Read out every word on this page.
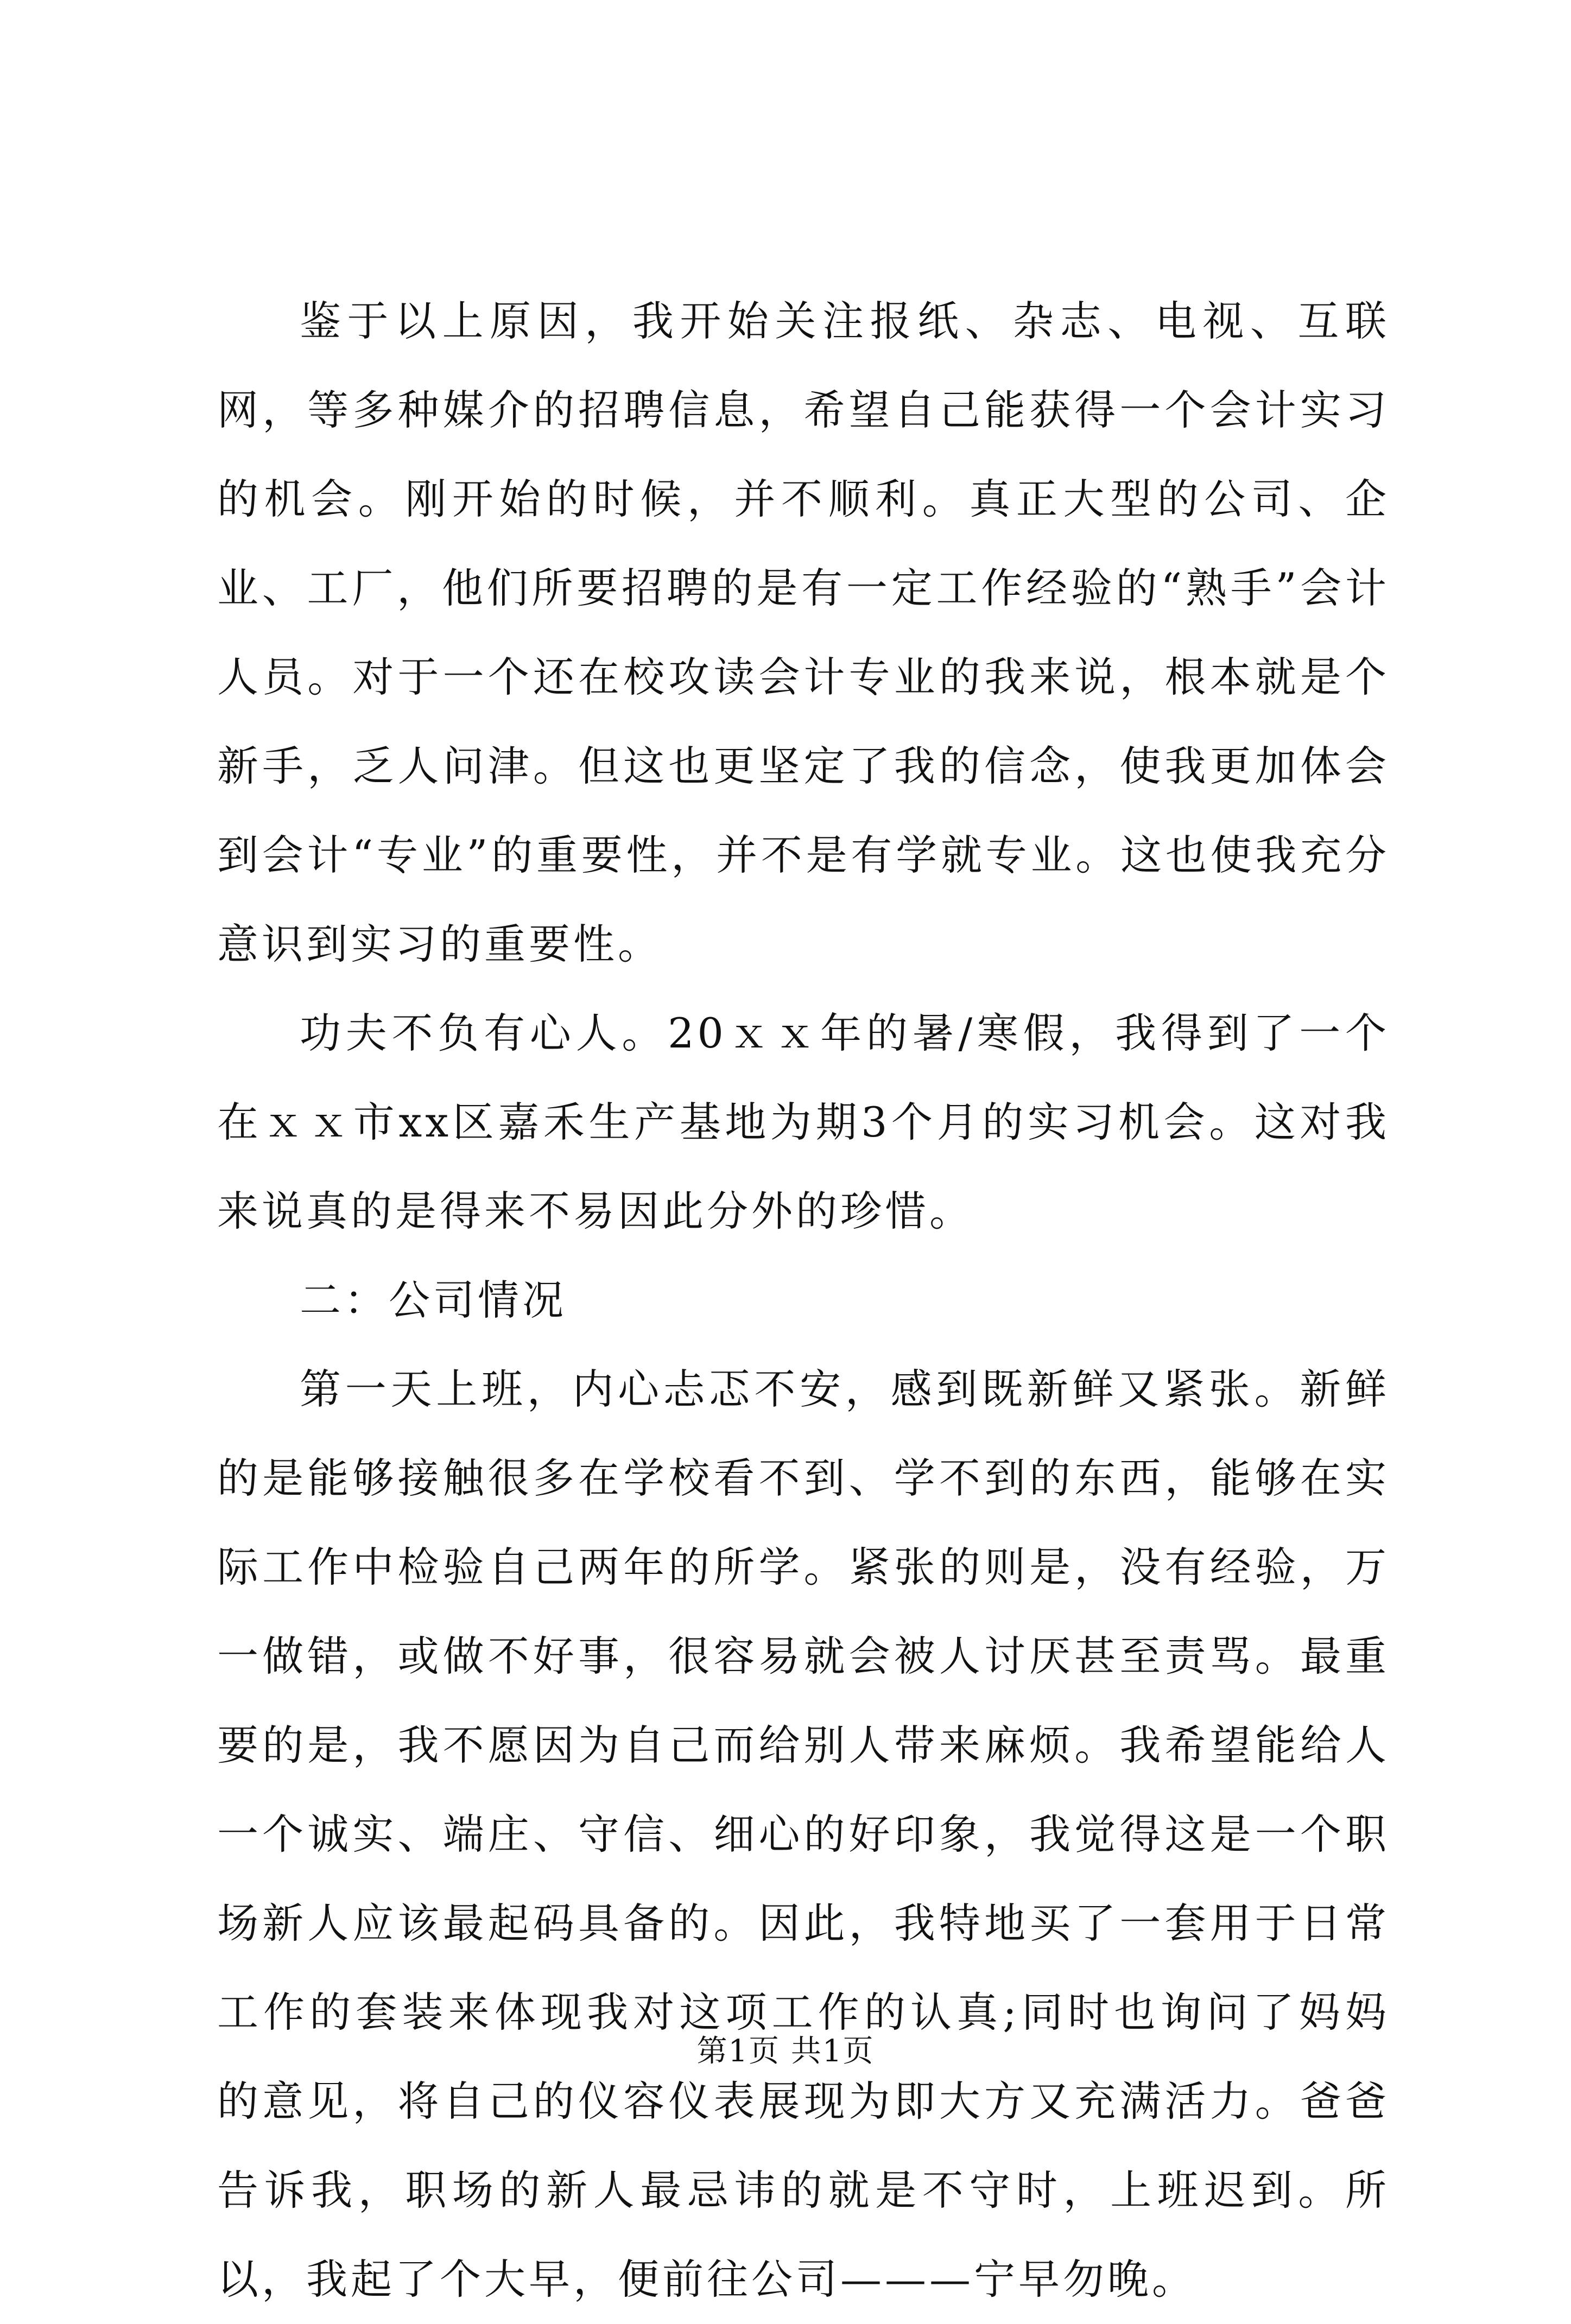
鉴于以上原因，我开始关注报纸、杂志、电视、互联网，等多种媒介的招聘信息，希望自己能获得一个会计实习的机会。刚开始的时候，并不顺利。真正大型的公司、企业、工厂，他们所要招聘的是有一定工作经验的“熟手”会计人员。对于一个还在校攻读会计专业的我来说，根本就是个新手，乏人问津。但这也更坚定了我的信念，使我更加体会到会计“专业”的重要性，并不是有学就专业。这也使我充分意识到实习的重要性。

功夫不负有心人。20ｘｘ年的暑/寒假，我得到了一个在ｘｘ市xx区嘉禾生产基地为期3个月的实习机会。这对我来说真的是得来不易因此分外的珍惜。

二：公司情况

第一天上班，内心忐忑不安，感到既新鲜又紧张。新鲜的是能够接触很多在学校看不到、学不到的东西，能够在实际工作中检验自己两年的所学。紧张的则是，没有经验，万一做错，或做不好事，很容易就会被人讨厌甚至责骂。最重要的是，我不愿因为自己而给别人带来麻烦。我希望能给人一个诚实、端庄、守信、细心的好印象，我觉得这是一个职场新人应该最起码具备的。因此，我特地买了一套用于日常工作的套装来体现我对这项工作的认真;同时也询问了妈妈的意见，将自己的仪容仪表展现为即大方又充满活力。爸爸告诉我，职场的新人最忌讳的就是不守时，上班迟到。所以，我起了个大早，便前往公司———宁早勿晚。

第1页 共1页
